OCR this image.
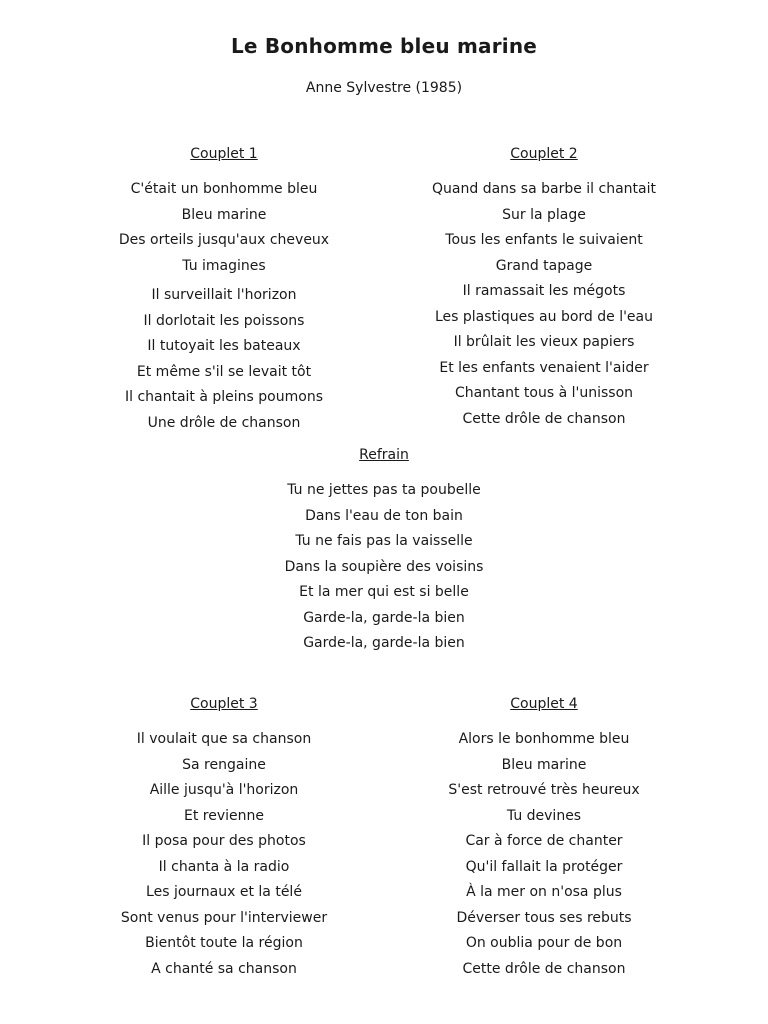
Le Bonhomme bleu marine
Anne Sylvestre (1985)
Couplet 1
C'était un bonhomme bleu
Bleu marine
Des orteils jusqu'aux cheveux
Tu imagines
Il surveillait l'horizon
Il dorlotait les poissons
Il tutoyait les bateaux
Et même s'il se levait tôt
Il chantait à pleins poumons
Une drôle de chanson
Couplet 2
Quand dans sa barbe il chantait
Sur la plage
Tous les enfants le suivaient
Grand tapage
Il ramassait les mégots
Les plastiques au bord de l'eau
Il brûlait les vieux papiers
Et les enfants venaient l'aider
Chantant tous à l'unisson
Cette drôle de chanson
Refrain
Tu ne jettes pas ta poubelle
Dans l'eau de ton bain
Tu ne fais pas la vaisselle
Dans la soupière des voisins
Et la mer qui est si belle
Garde-la, garde-la bien
Garde-la, garde-la bien
Couplet 3
Il voulait que sa chanson
Sa rengaine
Aille jusqu'à l'horizon
Et revienne
Il posa pour des photos
Il chanta à la radio
Les journaux et la télé
Sont venus pour l'interviewer
Bientôt toute la région
A chanté sa chanson
Couplet 4
Alors le bonhomme bleu
Bleu marine
S'est retrouvé très heureux
Tu devines
Car à force de chanter
Qu'il fallait la protéger
À la mer on n'osa plus
Déverser tous ses rebuts
On oublia pour de bon
Cette drôle de chanson
